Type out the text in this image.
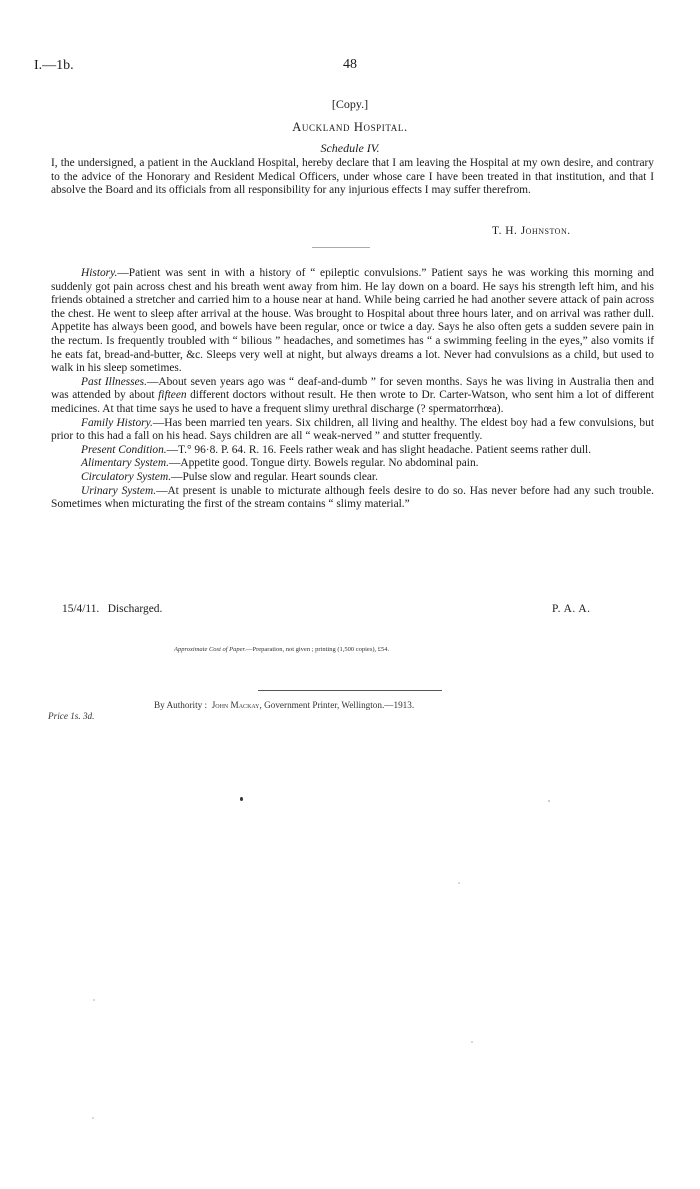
I.—1b.	48
[Copy.]
Auckland Hospital.
Schedule IV.

I, the undersigned, a patient in the Auckland Hospital, hereby declare that I am leaving the Hospital at my own desire, and contrary to the advice of the Honorary and Resident Medical Officers, under whose care I have been treated in that institution, and that I absolve the Board and its officials from all responsibility for any injurious effects I may suffer therefrom.

T. H. Johnston.

History.—Patient was sent in with a history of “ epileptic convulsions.” Patient says he was working this morning and suddenly got pain across chest and his breath went away from him. He lay down on a board. He says his strength left him, and his friends obtained a stretcher and carried him to a house near at hand. While being carried he had another severe attack of pain across the chest. He went to sleep after arrival at the house. Was brought to Hospital about three hours later, and on arrival was rather dull. Appetite has always been good, and bowels have been regular, once or twice a day. Says he also often gets a sudden severe pain in the rectum. Is frequently troubled with “ bilious ” headaches, and sometimes has “ a swimming feeling in the eyes,” also vomits if he eats fat, bread-and-butter, &c. Sleeps very well at night, but always dreams a lot. Never had convulsions as a child, but used to walk in his sleep sometimes.

Past Illnesses.—About seven years ago was “ deaf-and-dumb ” for seven months. Says he was living in Australia then and was attended by about fifteen different doctors without result. He then wrote to Dr. Carter-Watson, who sent him a lot of different medicines. At that time says he used to have a frequent slimy urethral discharge (? spermatorrhœa).

Family History.—Has been married ten years. Six children, all living and healthy. The eldest boy had a few convulsions, but prior to this had a fall on his head. Says children are all “ weak-nerved ” and stutter frequently.

Present Condition.—T.° 96·8. P. 64. R. 16. Feels rather weak and has slight headache. Patient seems rather dull.

Alimentary System.—Appetite good. Tongue dirty. Bowels regular. No abdominal pain.

Circulatory System.—Pulse slow and regular. Heart sounds clear.

Urinary System.—At present is unable to micturate although feels desire to do so. Has never before had any such trouble. Sometimes when micturating the first of the stream contains “ slimy material.”

15/4/11. Discharged.	P. A. A.
Approximate Cost of Paper.—Preparation, not given ; printing (1,500 copies), £54.
By Authority : John Mackay, Government Printer, Wellington.—1913.
Price 1s. 3d.
